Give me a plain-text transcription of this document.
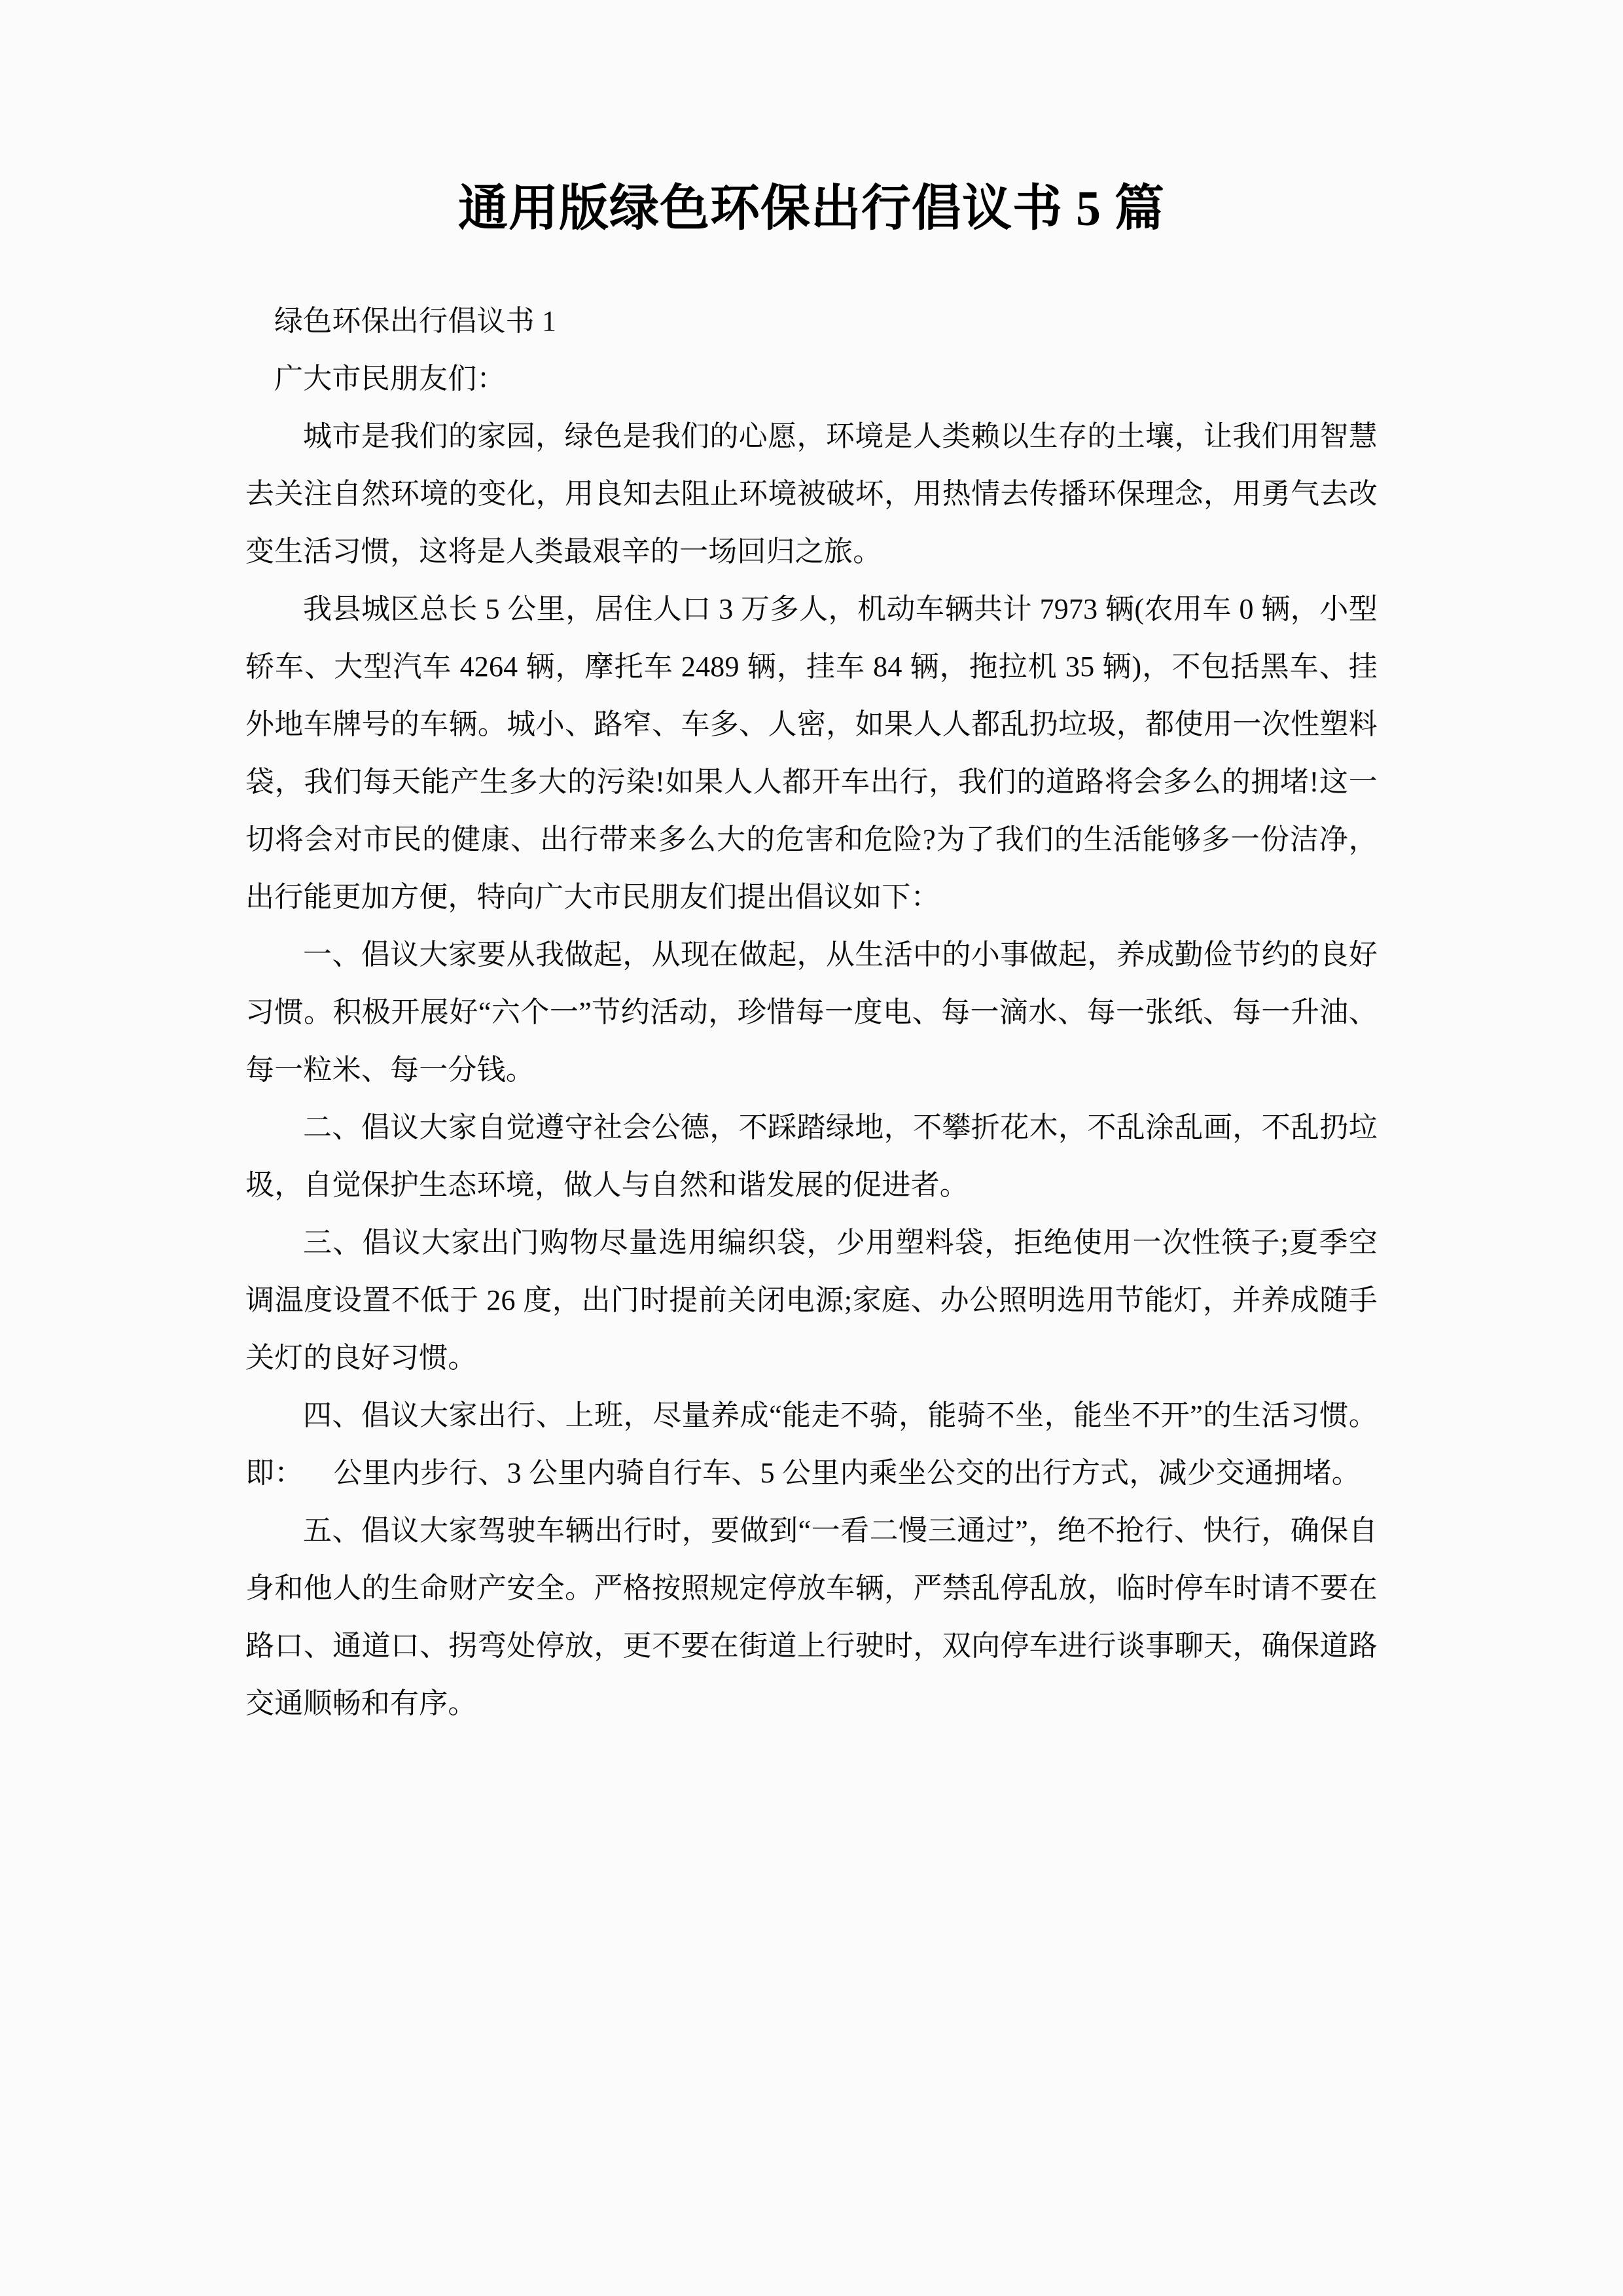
通用版绿色环保出行倡议书 5 篇

绿色环保出行倡议书 1

广大市民朋友们：

城市是我们的家园，绿色是我们的心愿，环境是人类赖以生存的土壤，让我们用智慧去关注自然环境的变化，用良知去阻止环境被破坏，用热情去传播环保理念，用勇气去改变生活习惯，这将是人类最艰辛的一场回归之旅。

我县城区总长 5 公里，居住人口 3 万多人，机动车辆共计 7973 辆(农用车 0 辆，小型轿车、大型汽车 4264 辆，摩托车 2489 辆，挂车 84 辆，拖拉机 35 辆)，不包括黑车、挂外地车牌号的车辆。城小、路窄、车多、人密，如果人人都乱扔垃圾，都使用一次性塑料袋，我们每天能产生多大的污染!如果人人都开车出行，我们的道路将会多么的拥堵!这一切将会对市民的健康、出行带来多么大的危害和危险?为了我们的生活能够多一份洁净，出行能更加方便，特向广大市民朋友们提出倡议如下：

一、倡议大家要从我做起，从现在做起，从生活中的小事做起，养成勤俭节约的良好习惯。积极开展好“六个一”节约活动，珍惜每一度电、每一滴水、每一张纸、每一升油、每一粒米、每一分钱。

二、倡议大家自觉遵守社会公德，不踩踏绿地，不攀折花木，不乱涂乱画，不乱扔垃圾，自觉保护生态环境，做人与自然和谐发展的促进者。

三、倡议大家出门购物尽量选用编织袋，少用塑料袋，拒绝使用一次性筷子;夏季空调温度设置不低于 26 度，出门时提前关闭电源;家庭、办公照明选用节能灯，并养成随手关灯的良好习惯。

四、倡议大家出行、上班，尽量养成“能走不骑，能骑不坐，能坐不开”的生活习惯。即： 公里内步行、3 公里内骑自行车、5 公里内乘坐公交的出行方式，减少交通拥堵。

五、倡议大家驾驶车辆出行时，要做到“一看二慢三通过”，绝不抢行、快行，确保自身和他人的生命财产安全。严格按照规定停放车辆，严禁乱停乱放，临时停车时请不要在路口、通道口、拐弯处停放，更不要在街道上行驶时，双向停车进行谈事聊天，确保道路交通顺畅和有序。
